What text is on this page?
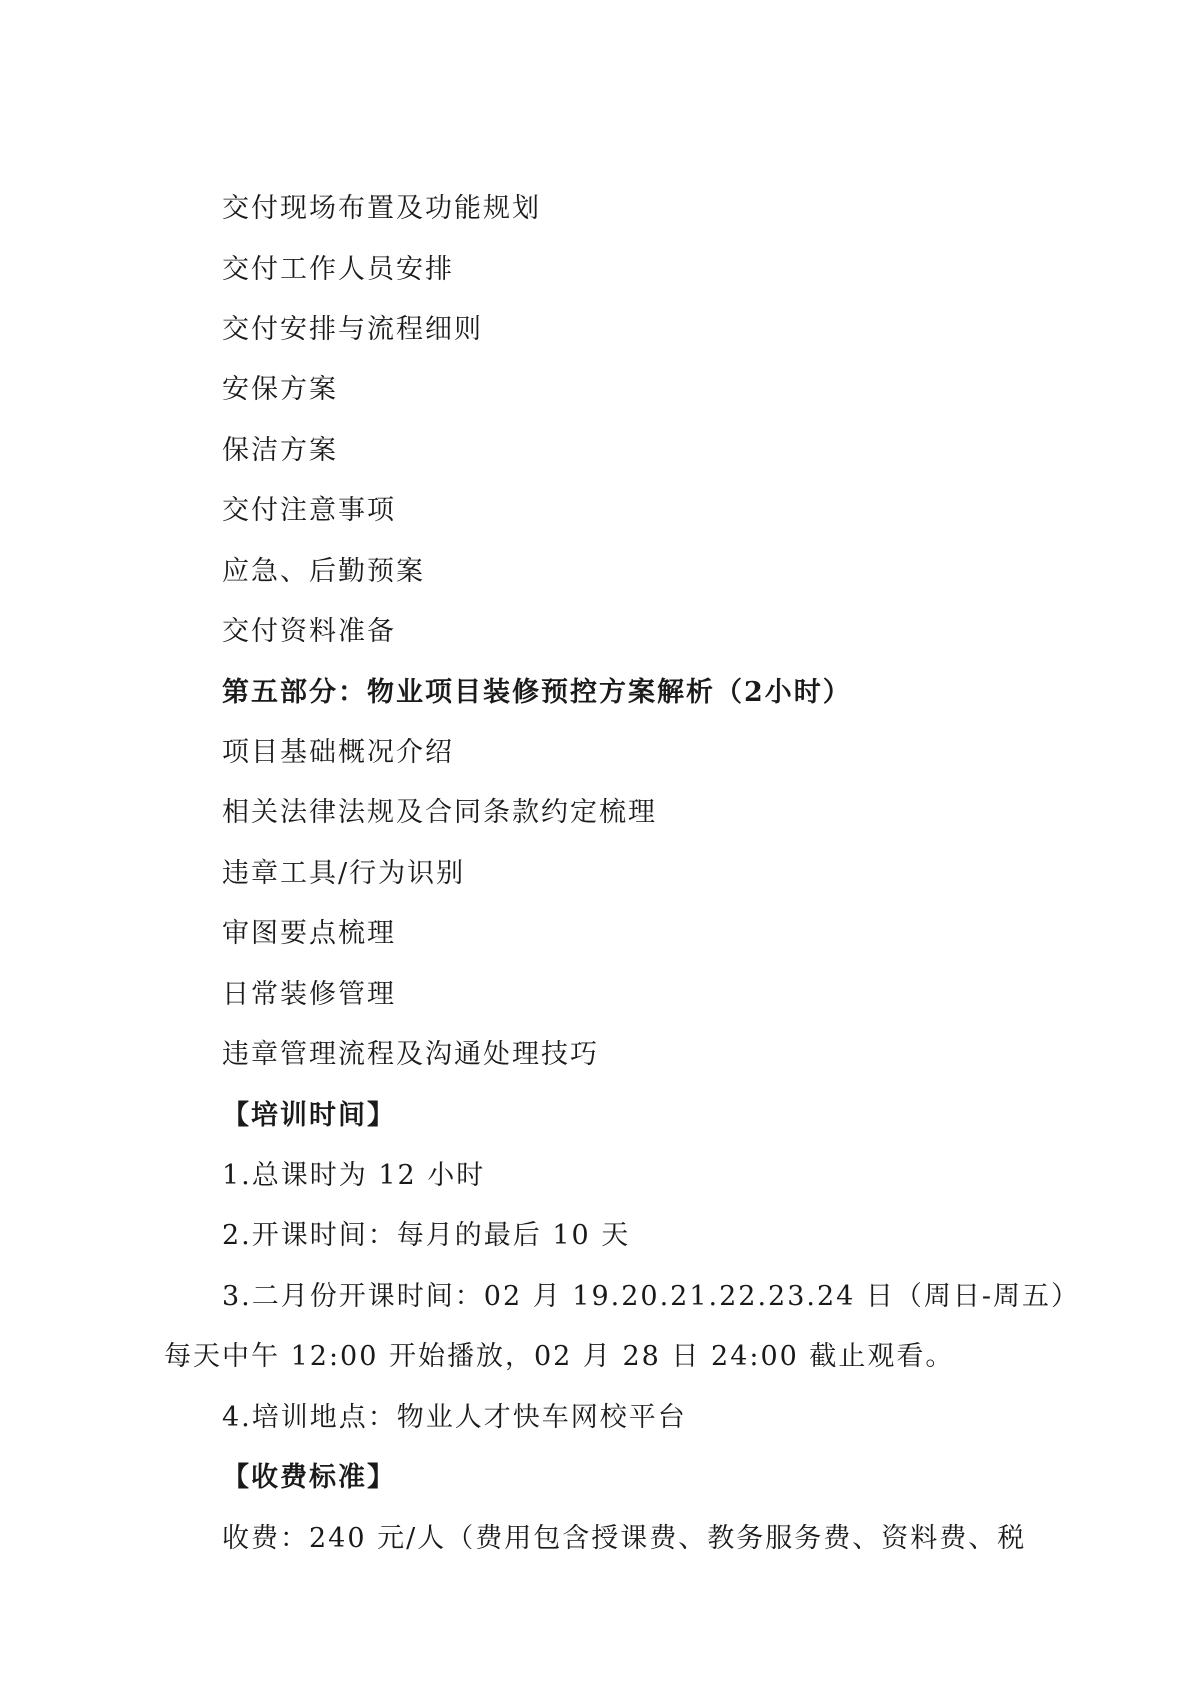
交付现场布置及功能规划
交付工作人员安排
交付安排与流程细则
安保方案
保洁方案
交付注意事项
应急、后勤预案
交付资料准备
第五部分：物业项目装修预控方案解析（2小时）
项目基础概况介绍
相关法律法规及合同条款约定梳理
违章工具/行为识别
审图要点梳理
日常装修管理
违章管理流程及沟通处理技巧
【培训时间】
1.总课时为 12 小时
2.开课时间：每月的最后 10 天
3.二月份开课时间：02 月 19.20.21.22.23.24 日（周日-周五）
每天中午 12:00 开始播放，02 月 28 日 24:00 截止观看。
4.培训地点：物业人才快车网校平台
【收费标准】
收费：240 元/人（费用包含授课费、教务服务费、资料费、税
